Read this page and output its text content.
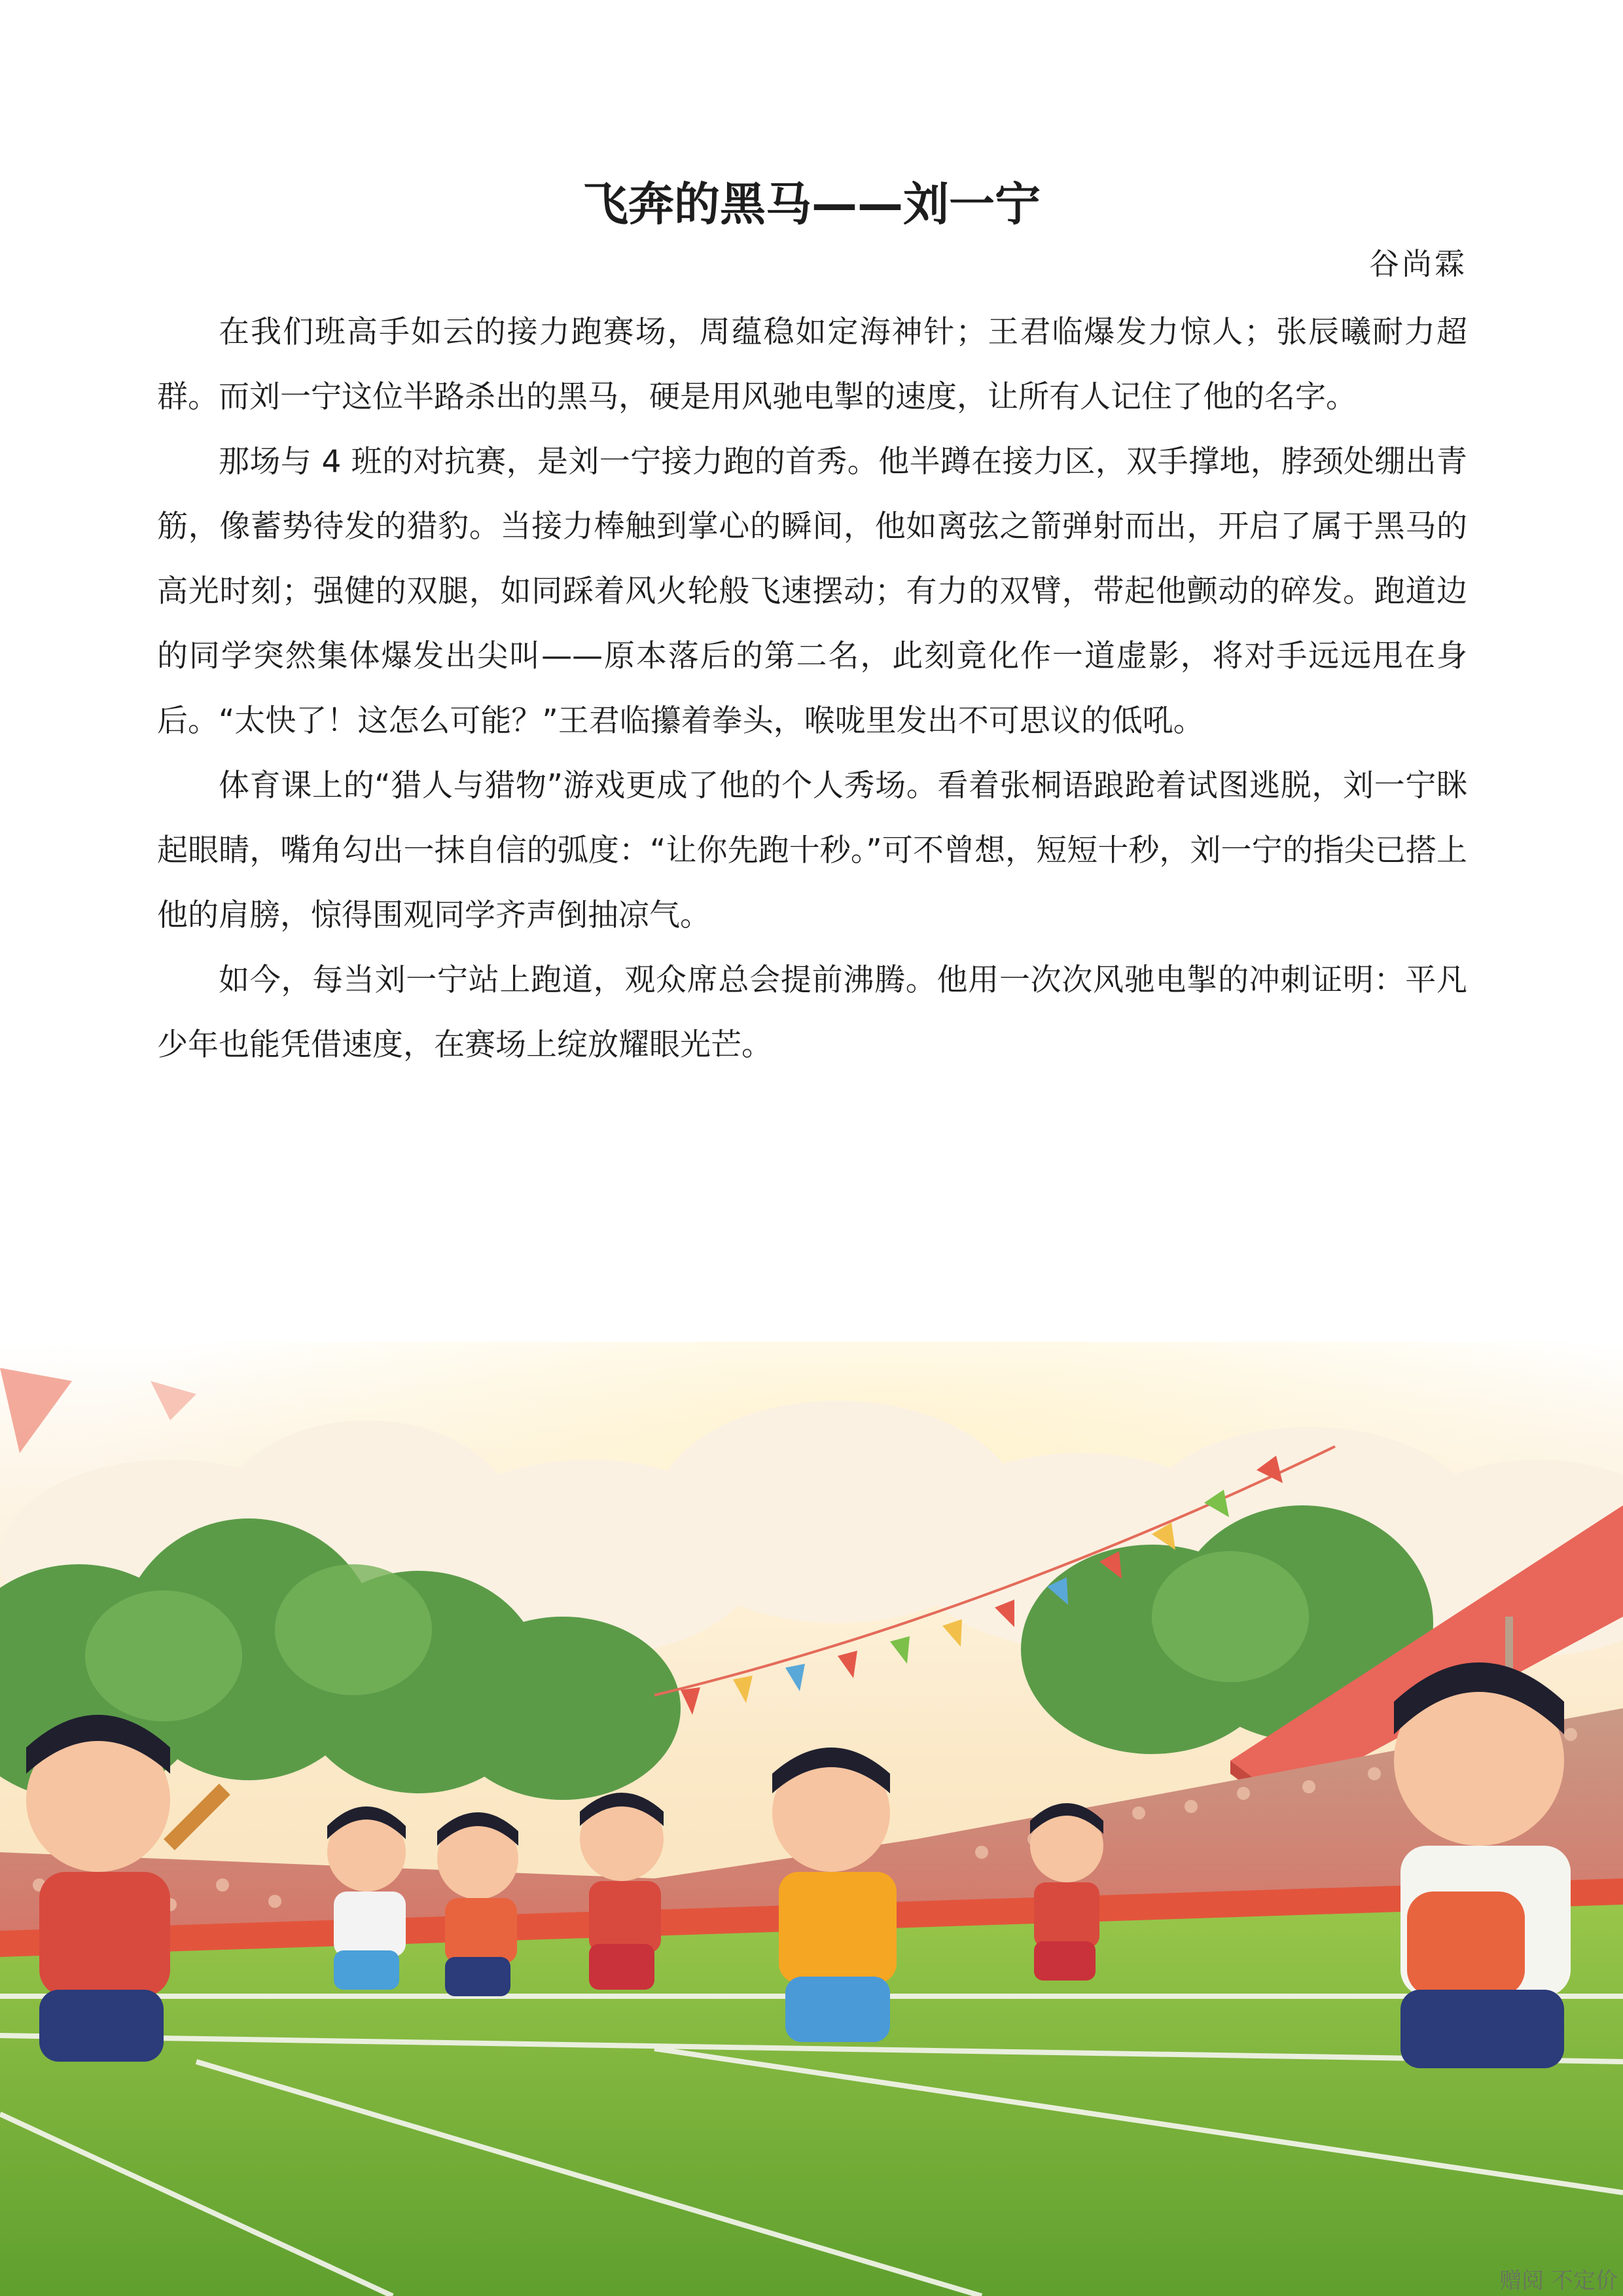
飞奔的黑马——刘一宁
谷尚霖

在我们班高手如云的接力跑赛场，周蕴稳如定海神针；王君临爆发力惊人；张辰曦耐力超群。而刘一宁这位半路杀出的黑马，硬是用风驰电掣的速度，让所有人记住了他的名字。

那场与 4 班的对抗赛，是刘一宁接力跑的首秀。他半蹲在接力区，双手撑地，脖颈处绷出青筋，像蓄势待发的猎豹。当接力棒触到掌心的瞬间，他如离弦之箭弹射而出，开启了属于黑马的高光时刻；强健的双腿，如同踩着风火轮般飞速摆动；有力的双臂，带起他颤动的碎发。跑道边的同学突然集体爆发出尖叫——原本落后的第二名，此刻竟化作一道虚影，将对手远远甩在身后。“太快了！这怎么可能？”王君临攥着拳头，喉咙里发出不可思议的低吼。

体育课上的“猎人与猎物”游戏更成了他的个人秀场。看着张桐语踉跄着试图逃脱，刘一宁眯起眼睛，嘴角勾出一抹自信的弧度：“让你先跑十秒。”可不曾想，短短十秒，刘一宁的指尖已搭上他的肩膀，惊得围观同学齐声倒抽凉气。

如今，每当刘一宁站上跑道，观众席总会提前沸腾。他用一次次风驰电掣的冲刺证明：平凡少年也能凭借速度，在赛场上绽放耀眼光芒。

赠阅 不定价
